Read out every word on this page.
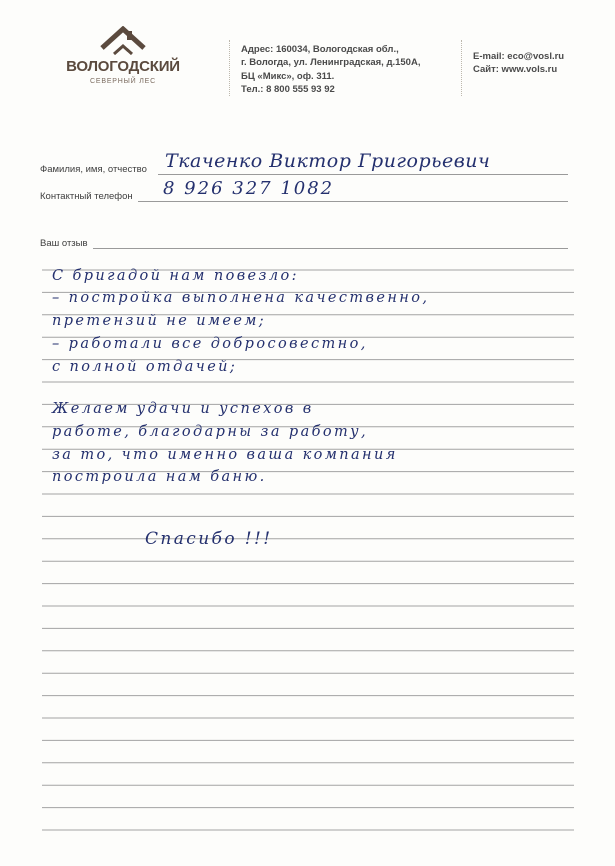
ВОЛОГОДСКИЙ
СЕВЕРНЫЙ ЛЕС
Адрес: 160034, Вологодская обл.,
г. Вологда, ул. Ленинградская, д.150А,
БЦ «Микс», оф. 311.
Тел.: 8 800 555 93 92
E-mail: eco@vosl.ru
Сайт: www.vols.ru
Фамилия, имя, отчество Ткаченко Виктор Григорьевич
Контактный телефон 8 926 327 1082
Ваш отзыв
С бригадой нам повезло:
– постройка выполнена качественно,
претензий не имеем;
– работали все добросовестно,
с полной отдачей;
Желаем удачи и успехов в
работе, благодарны за работу,
за то, что именно ваша компания
построила нам баню.
Спасибо !!!
